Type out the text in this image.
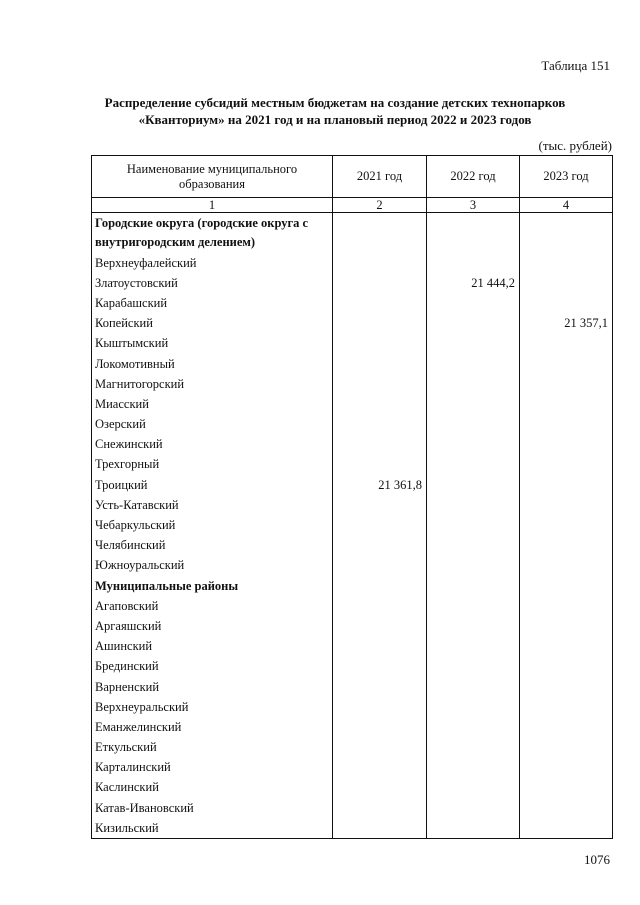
Таблица 151
Распределение субсидий местным бюджетам на создание детских технопарков
«Кванториум» на 2021 год и на плановый период 2022 и 2023 годов
(тыс. рублей)
Наименование муниципального образования	2021 год	2022 год	2023 год
1	2	3	4
Городские округа (городские округа с внутригородским делением)			
Верхнеуфалейский			
Златоустовский		21 444,2	
Карабашский			
Копейский			21 357,1
Кыштымский			
Локомотивный			
Магнитогорский			
Миасский			
Озерский			
Снежинский			
Трехгорный			
Троицкий	21 361,8		
Усть-Катавский			
Чебаркульский			
Челябинский			
Южноуральский			
Муниципальные районы			
Агаповский			
Аргаяшский			
Ашинский			
Брединский			
Варненский			
Верхнеуральский			
Еманжелинский			
Еткульский			
Карталинский			
Каслинский			
Катав-Ивановский			
Кизильский			
1076
